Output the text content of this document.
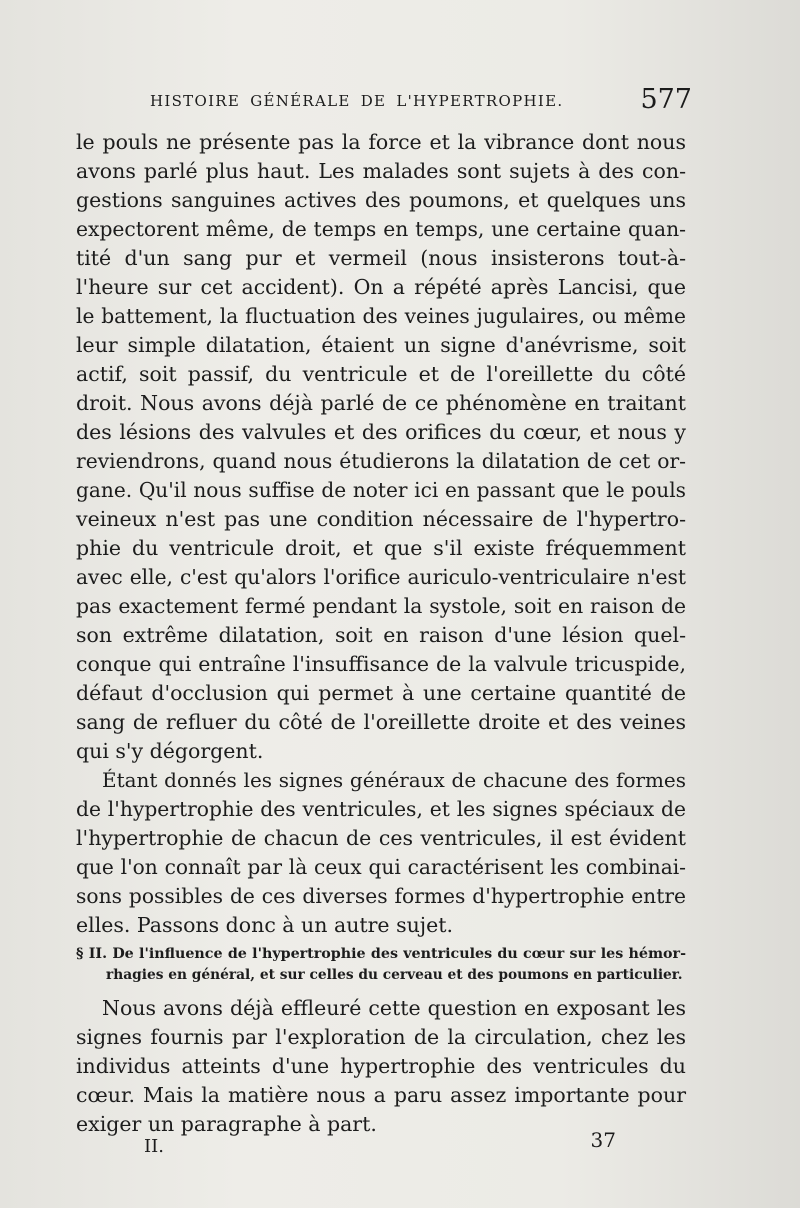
HISTOIRE GÉNÉRALE DE L'HYPERTROPHIE.	577
le pouls ne présente pas la force et la vibrance dont nous
avons parlé plus haut. Les malades sont sujets à des con-
gestions sanguines actives des poumons, et quelques uns
expectorent même, de temps en temps, une certaine quan-
tité d'un sang pur et vermeil (nous insisterons tout-à-
l'heure sur cet accident). On a répété après Lancisi, que
le battement, la fluctuation des veines jugulaires, ou même
leur simple dilatation, étaient un signe d'anévrisme, soit
actif, soit passif, du ventricule et de l'oreillette du côté
droit. Nous avons déjà parlé de ce phénomène en traitant
des lésions des valvules et des orifices du cœur, et nous y
reviendrons, quand nous étudierons la dilatation de cet or-
gane. Qu'il nous suffise de noter ici en passant que le pouls
veineux n'est pas une condition nécessaire de l'hypertro-
phie du ventricule droit, et que s'il existe fréquemment
avec elle, c'est qu'alors l'orifice auriculo-ventriculaire n'est
pas exactement fermé pendant la systole, soit en raison de
son extrême dilatation, soit en raison d'une lésion quel-
conque qui entraîne l'insuffisance de la valvule tricuspide,
défaut d'occlusion qui permet à une certaine quantité de
sang de refluer du côté de l'oreillette droite et des veines
qui s'y dégorgent.
Étant donnés les signes généraux de chacune des formes
de l'hypertrophie des ventricules, et les signes spéciaux de
l'hypertrophie de chacun de ces ventricules, il est évident
que l'on connaît par là ceux qui caractérisent les combinai-
sons possibles de ces diverses formes d'hypertrophie entre
elles. Passons donc à un autre sujet.
§ II. De l'influence de l'hypertrophie des ventricules du cœur sur les hémor-
rhagies en général, et sur celles du cerveau et des poumons en particulier.
Nous avons déjà effleuré cette question en exposant les
signes fournis par l'exploration de la circulation, chez les
individus atteints d'une hypertrophie des ventricules du
cœur. Mais la matière nous a paru assez importante pour
exiger un paragraphe à part.
II.	37
